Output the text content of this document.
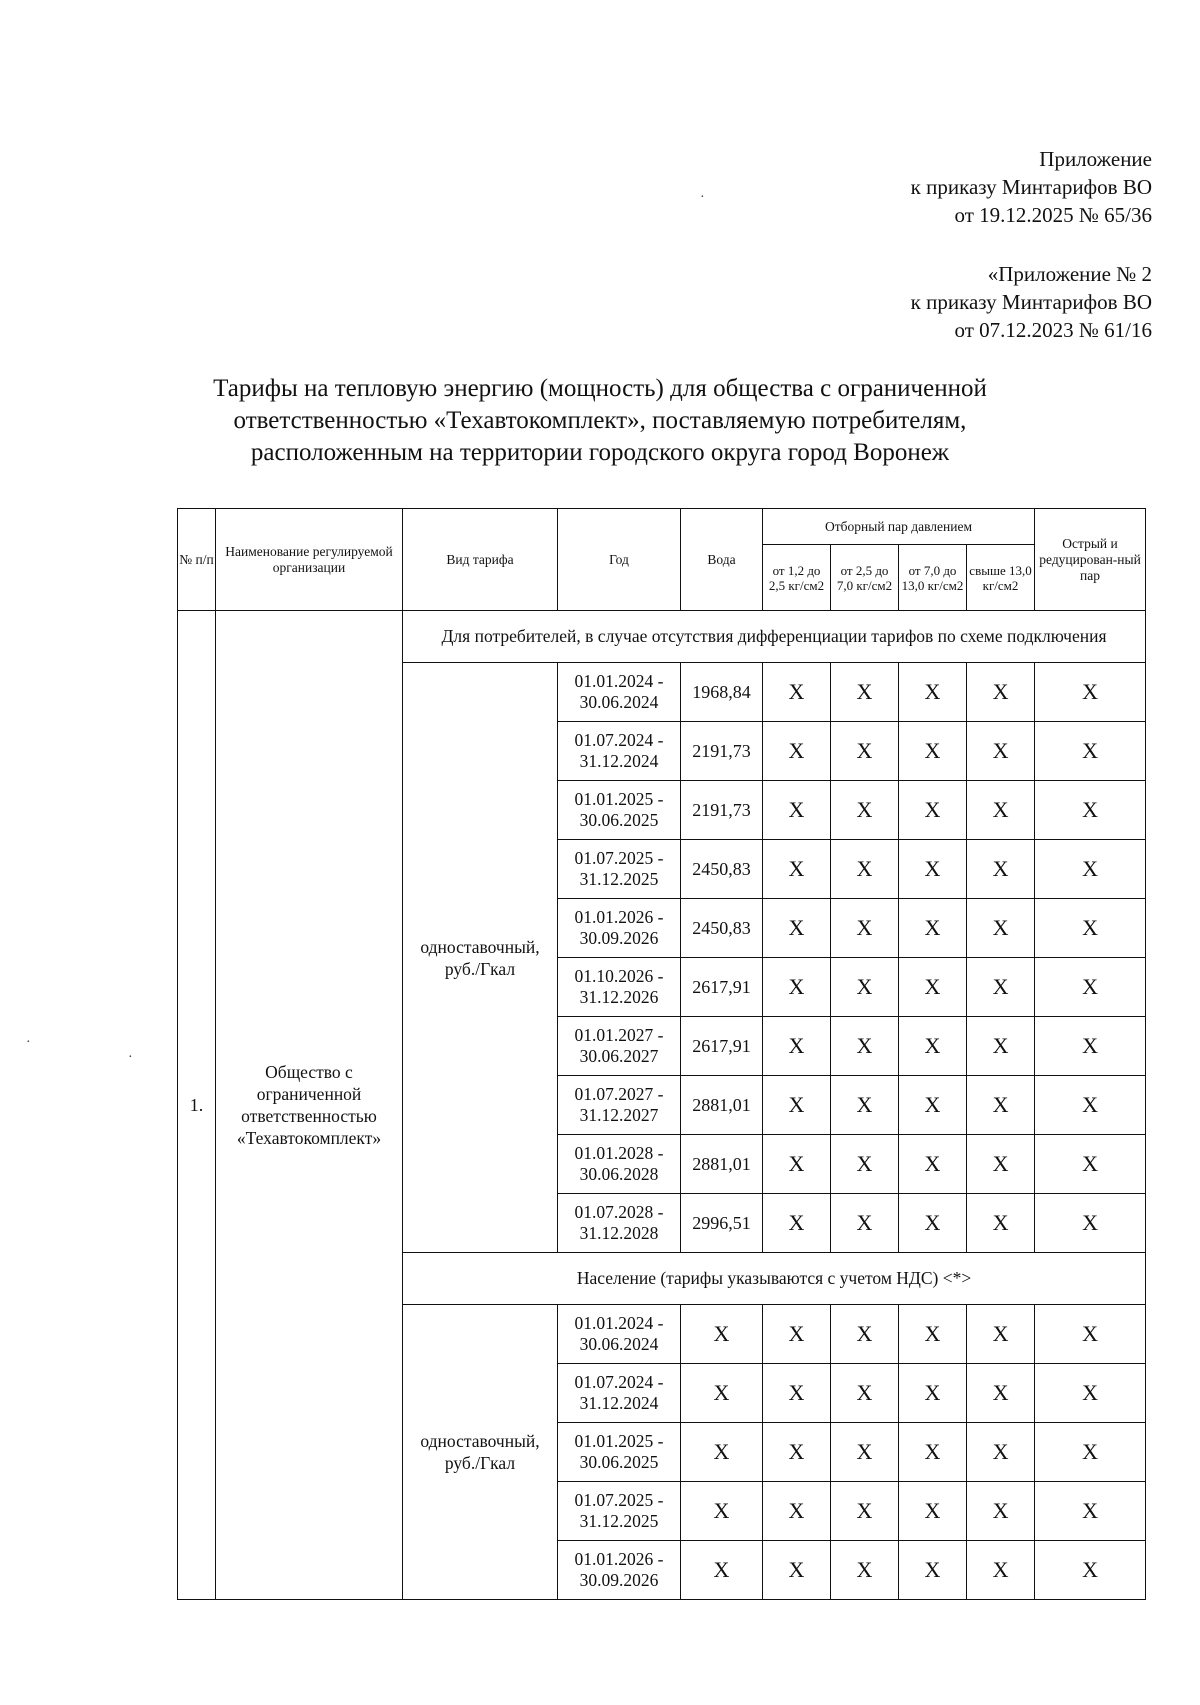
Приложение
к приказу Минтарифов ВО
от 19.12.2025 № 65/36
·
·
·
«Приложение № 2
к приказу Минтарифов ВО
от 07.12.2023 № 61/16
Тарифы на тепловую энергию (мощность) для общества с ограниченной
ответственностью «Техавтокомплект», поставляемую потребителям,
расположенным на территории городского округа город Воронеж
№ п/п	Наименование регулируемой организации	Вид тарифа	Год	Вода	Отборный пар давлением				Острый и редуцирован-ный пар
					от 1,2 до 2,5 кг/см2	от 2,5 до 7,0 кг/см2	от 7,0 до 13,0 кг/см2	свыше 13,0 кг/см2	
1.	Общество с ограниченной ответственностью «Техавтокомплект»	Для потребителей, в случае отсутствия дифференциации тарифов по схеме подключения							
		одноставочный, руб./Гкал	01.01.2024 -
30.06.2024	1968,84	X	X	X	X	X

			01.07.2024 -
31.12.2024	2191,73	X	X	X	X	X

			01.01.2025 -
30.06.2025	2191,73	X	X	X	X	X

			01.07.2025 -
31.12.2025	2450,83	X	X	X	X	X

			01.01.2026 -
30.09.2026	2450,83	X	X	X	X	X

			01.10.2026 -
31.12.2026	2617,91	X	X	X	X	X

			01.01.2027 -
30.06.2027	2617,91	X	X	X	X	X

			01.07.2027 -
31.12.2027	2881,01	X	X	X	X	X

			01.01.2028 -
30.06.2028	2881,01	X	X	X	X	X

			01.07.2028 -
31.12.2028	2996,51	X	X	X	X	X
		Население (тарифы указываются с учетом НДС) <*>							
		одноставочный, руб./Гкал	01.01.2024 -
30.06.2024	X	X	X	X	X	X

			01.07.2024 -
31.12.2024	X	X	X	X	X	X

			01.01.2025 -
30.06.2025	X	X	X	X	X	X

			01.07.2025 -
31.12.2025	X	X	X	X	X	X

			01.01.2026 -
30.09.2026	X	X	X	X	X	X
